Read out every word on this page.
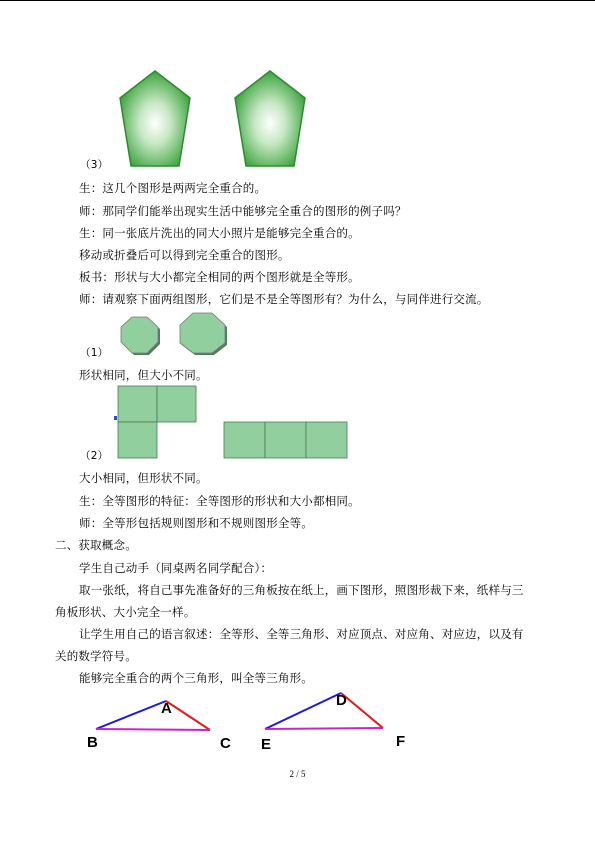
（3）
生：这几个图形是两两完全重合的。
师：那同学们能举出现实生活中能够完全重合的图形的例子吗？
生：同一张底片洗出的同大小照片是能够完全重合的。
移动或折叠后可以得到完全重合的图形。
板书：形状与大小都完全相同的两个图形就是全等形。
师：请观察下面两组图形，它们是不是全等图形有？为什么，与同伴进行交流。
（1）
形状相同，但大小不同。
（2）
大小相同，但形状不同。
生：全等图形的特征：全等图形的形状和大小都相同。
师：全等形包括规则图形和不规则图形全等。
二、获取概念。
学生自己动手（同桌两名同学配合）：
取一张纸，将自己事先准备好的三角板按在纸上，画下图形，照图形裁下来，纸样与三
角板形状、大小完全一样。
让学生用自己的语言叙述：全等形、全等三角形、对应顶点、对应角、对应边，以及有
关的数学符号。
能够完全重合的两个三角形，叫全等三角形。
A
B	C
D
E	F
2 / 5
